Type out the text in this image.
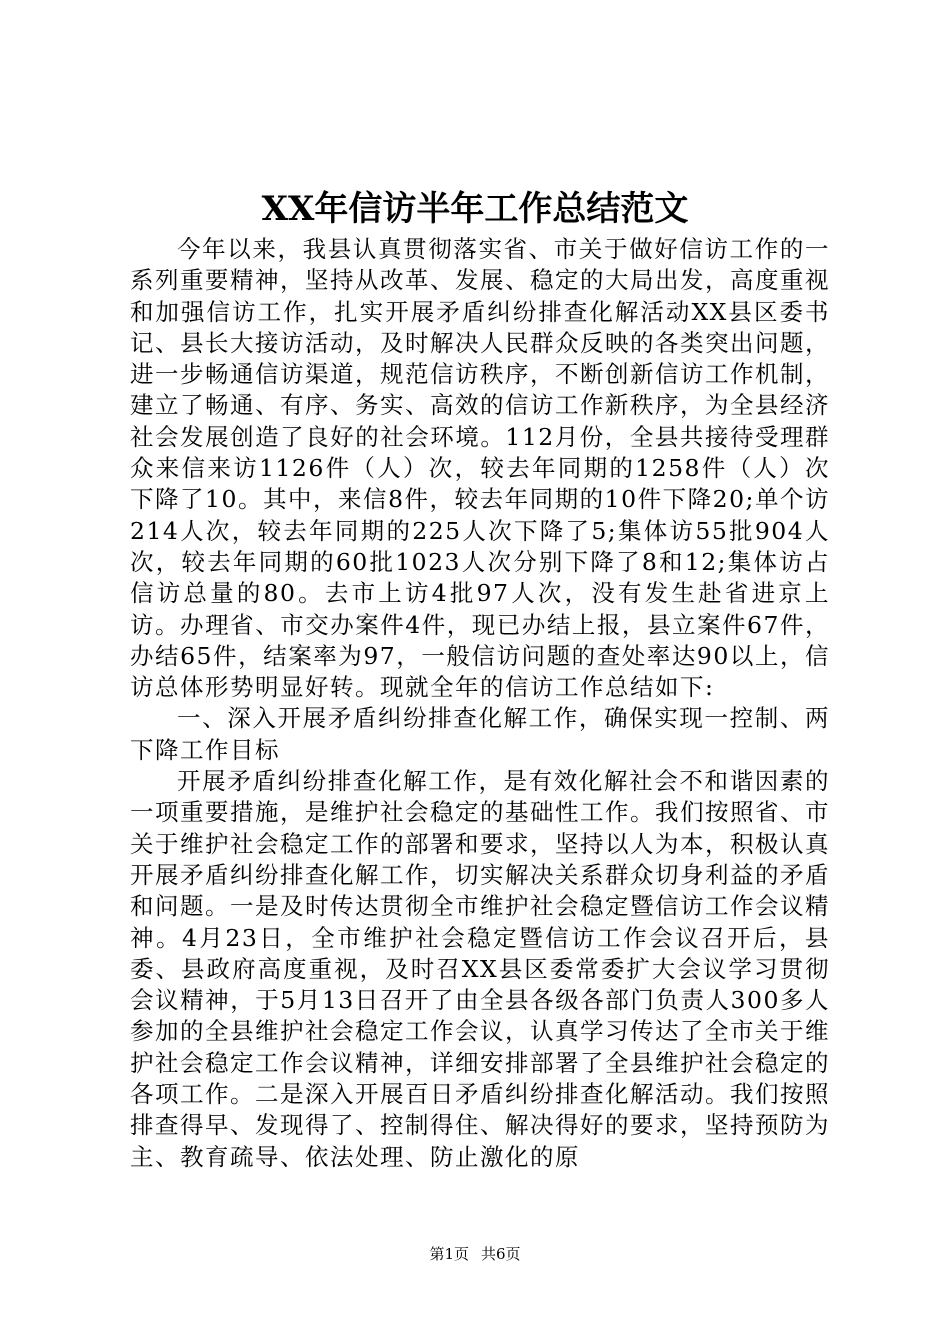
XX年信访半年工作总结范文

今年以来，我县认真贯彻落实省、市关于做好信访工作的一系列重要精神，坚持从改革、发展、稳定的大局出发，高度重视和加强信访工作，扎实开展矛盾纠纷排查化解活动XX县区委书记、县长大接访活动，及时解决人民群众反映的各类突出问题，进一步畅通信访渠道，规范信访秩序，不断创新信访工作机制，建立了畅通、有序、务实、高效的信访工作新秩序，为全县经济社会发展创造了良好的社会环境。112月份，全县共接待受理群众来信来访1126件（人）次，较去年同期的1258件（人）次下降了10。其中，来信8件，较去年同期的10件下降20;单个访214人次，较去年同期的225人次下降了5;集体访55批904人次，较去年同期的60批1023人次分别下降了8和12;集体访占信访总量的80。去市上访4批97人次，没有发生赴省进京上访。办理省、市交办案件4件，现已办结上报，县立案件67件，办结65件，结案率为97，一般信访问题的查处率达90以上，信访总体形势明显好转。现就全年的信访工作总结如下:

一、深入开展矛盾纠纷排查化解工作，确保实现一控制、两下降工作目标

开展矛盾纠纷排查化解工作，是有效化解社会不和谐因素的一项重要措施，是维护社会稳定的基础性工作。我们按照省、市关于维护社会稳定工作的部署和要求，坚持以人为本，积极认真开展矛盾纠纷排查化解工作，切实解决关系群众切身利益的矛盾和问题。一是及时传达贯彻全市维护社会稳定暨信访工作会议精神。4月23日，全市维护社会稳定暨信访工作会议召开后，县委、县政府高度重视，及时召XX县区委常委扩大会议学习贯彻会议精神，于5月13日召开了由全县各级各部门负责人300多人参加的全县维护社会稳定工作会议，认真学习传达了全市关于维护社会稳定工作会议精神，详细安排部署了全县维护社会稳定的各项工作。二是深入开展百日矛盾纠纷排查化解活动。我们按照排查得早、发现得了、控制得住、解决得好的要求，坚持预防为主、教育疏导、依法处理、防止激化的原

第1页 共6页
